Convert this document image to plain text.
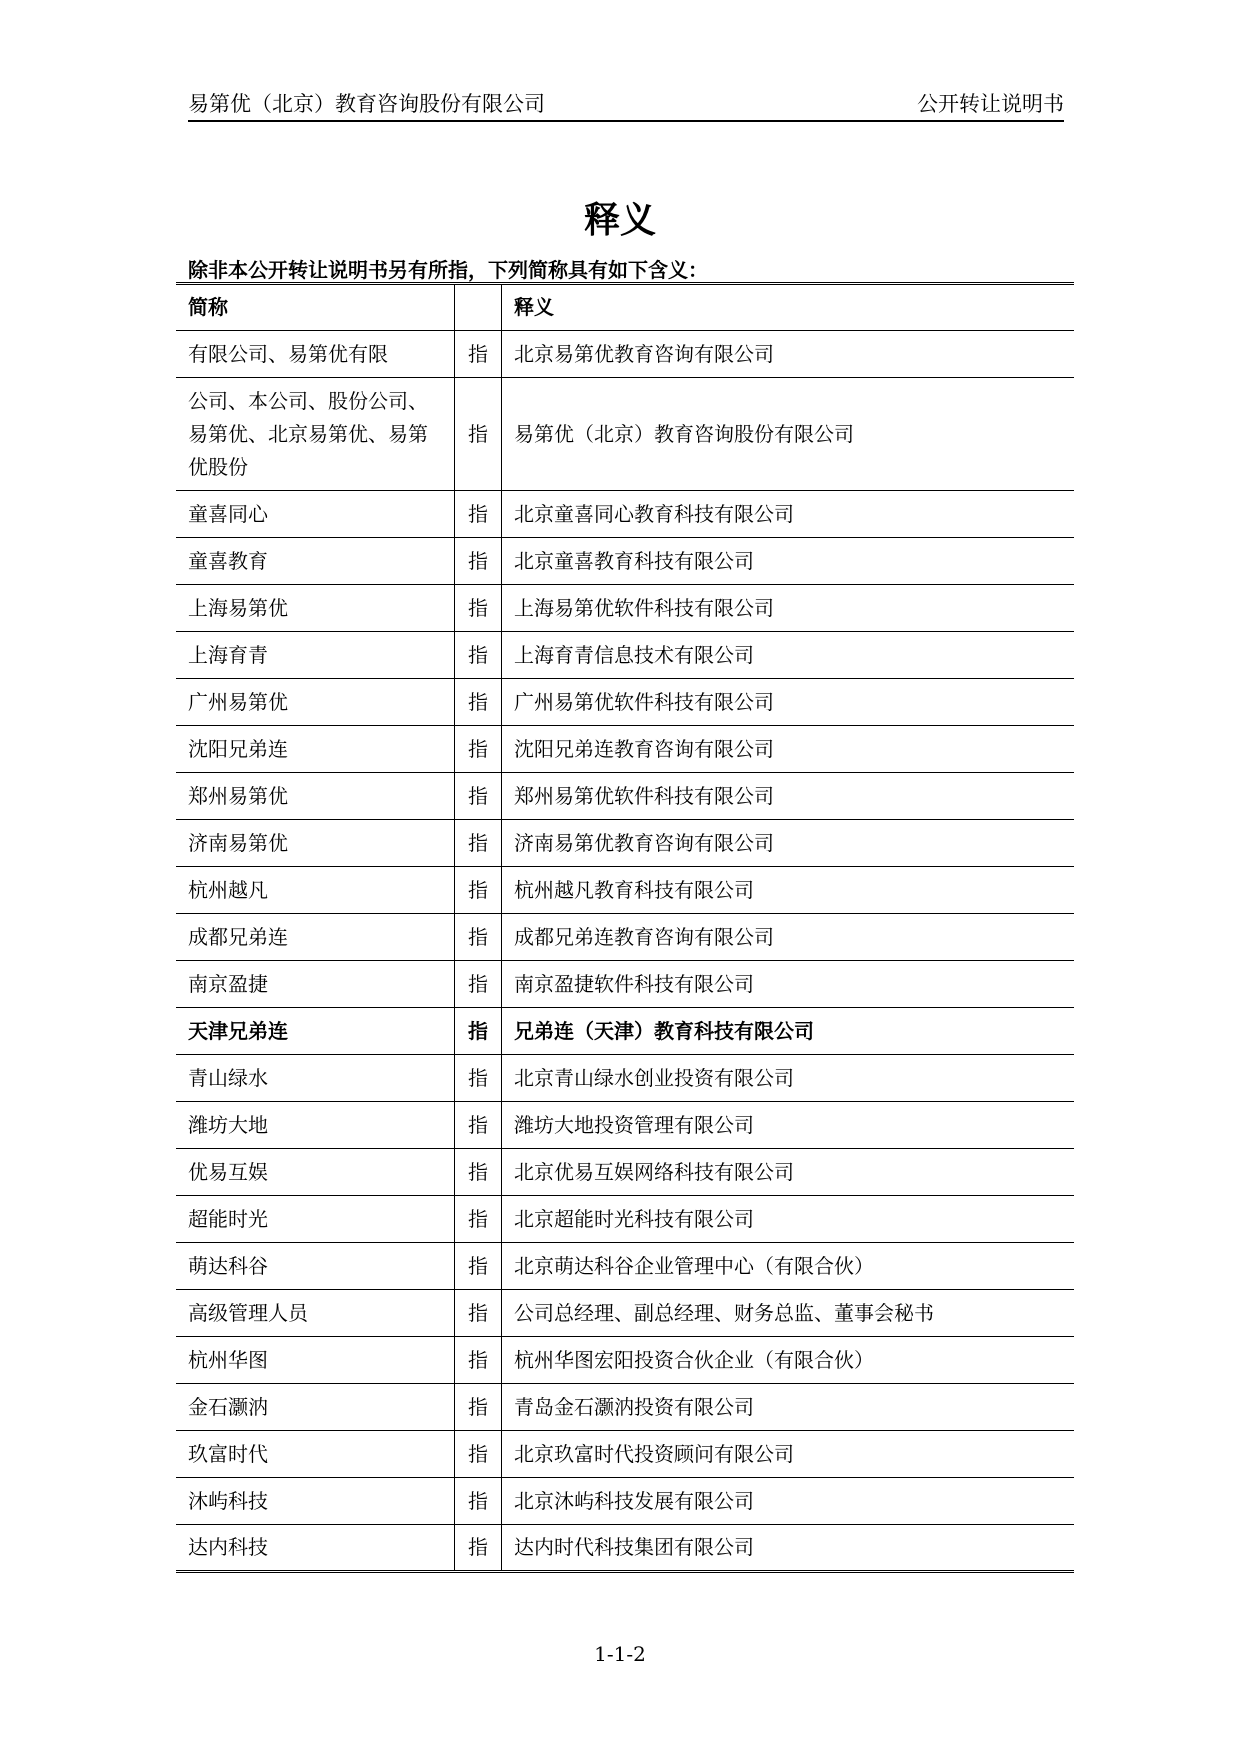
易第优（北京）教育咨询股份有限公司	公开转让说明书
释义
除非本公开转让说明书另有所指，下列简称具有如下含义：
简称		释义
有限公司、易第优有限	指	北京易第优教育咨询有限公司
公司、本公司、股份公司、易第优、北京易第优、易第优股份	指	易第优（北京）教育咨询股份有限公司
童喜同心	指	北京童喜同心教育科技有限公司
童喜教育	指	北京童喜教育科技有限公司
上海易第优	指	上海易第优软件科技有限公司
上海育青	指	上海育青信息技术有限公司
广州易第优	指	广州易第优软件科技有限公司
沈阳兄弟连	指	沈阳兄弟连教育咨询有限公司
郑州易第优	指	郑州易第优软件科技有限公司
济南易第优	指	济南易第优教育咨询有限公司
杭州越凡	指	杭州越凡教育科技有限公司
成都兄弟连	指	成都兄弟连教育咨询有限公司
南京盈捷	指	南京盈捷软件科技有限公司
天津兄弟连	指	兄弟连（天津）教育科技有限公司
青山绿水	指	北京青山绿水创业投资有限公司
潍坊大地	指	潍坊大地投资管理有限公司
优易互娱	指	北京优易互娱网络科技有限公司
超能时光	指	北京超能时光科技有限公司
萌达科谷	指	北京萌达科谷企业管理中心（有限合伙）
高级管理人员	指	公司总经理、副总经理、财务总监、董事会秘书
杭州华图	指	杭州华图宏阳投资合伙企业（有限合伙）
金石灏汭	指	青岛金石灏汭投资有限公司
玖富时代	指	北京玖富时代投资顾问有限公司
沐屿科技	指	北京沐屿科技发展有限公司
达内科技	指	达内时代科技集团有限公司
1-1-2
